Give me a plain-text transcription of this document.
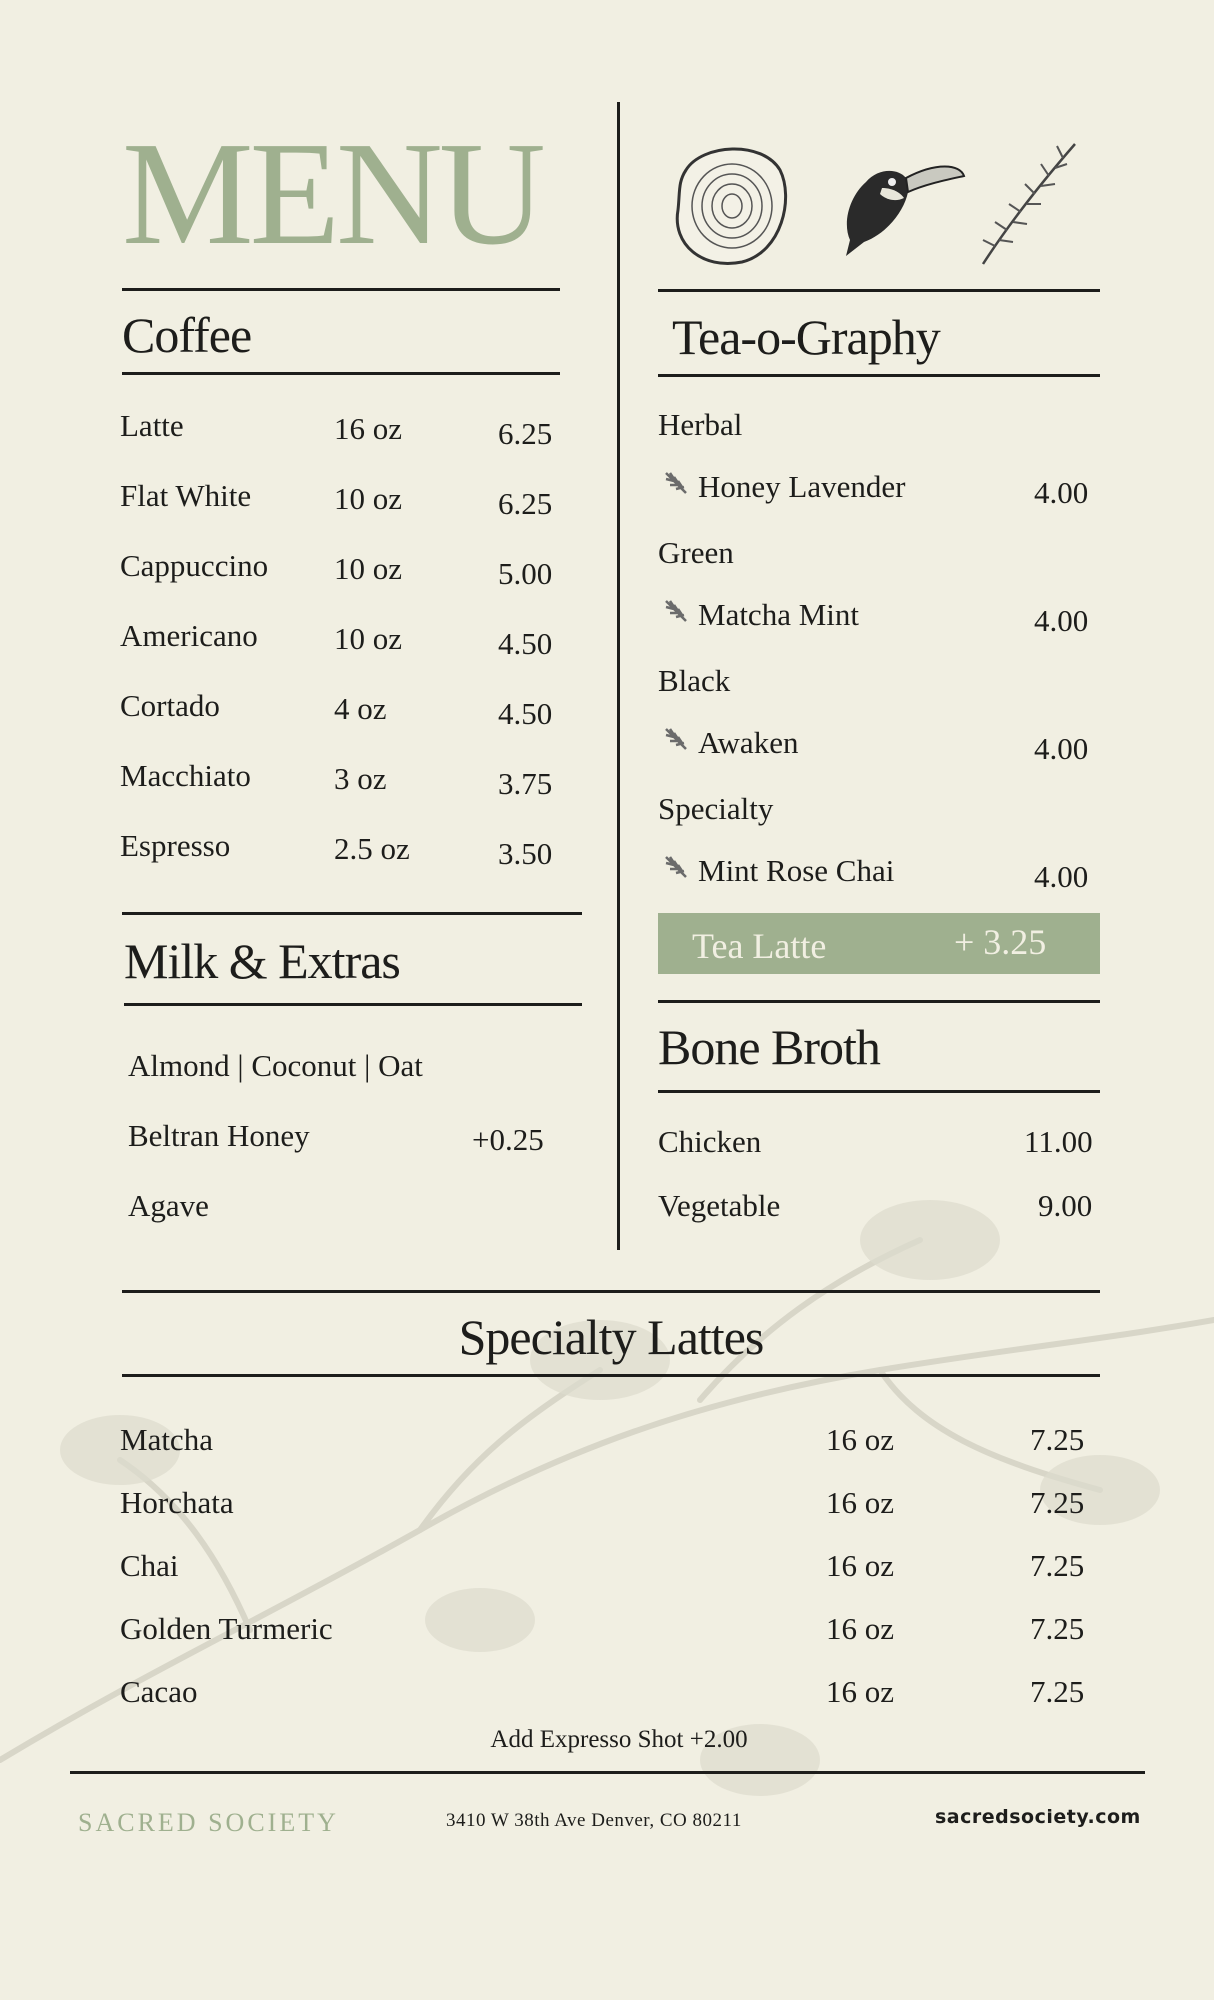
MENU
Coffee
Latte	16 oz	6.25
Flat White	10 oz	6.25
Cappuccino 10 oz	5.00
Americano 10 oz	4.50
Cortado	4 oz	4.50
Macchiato	3 oz	3.75
Espresso	2.5 oz	3.50
Milk & Extras
Almond | Coconut | Oat
Beltran Honey	+0.25
Agave
Tea-o-Graphy
Herbal
Honey Lavender	4.00
Green
Matcha Mint	4.00
Black
Awaken	4.00
Specialty
Mint Rose Chai	4.00
Tea Latte	+ 3.25
Bone Broth
Chicken	11.00
Vegetable	9.00
Specialty Lattes
Matcha	16 oz	7.25
Horchata	16 oz	7.25
Chai	16 oz	7.25
Golden Turmeric	16 oz	7.25
Cacao	16 oz	7.25
Add Expresso Shot +2.00
SACRED SOCIETY	3410 W 38th Ave Denver, CO 80211	sacredsociety.com
